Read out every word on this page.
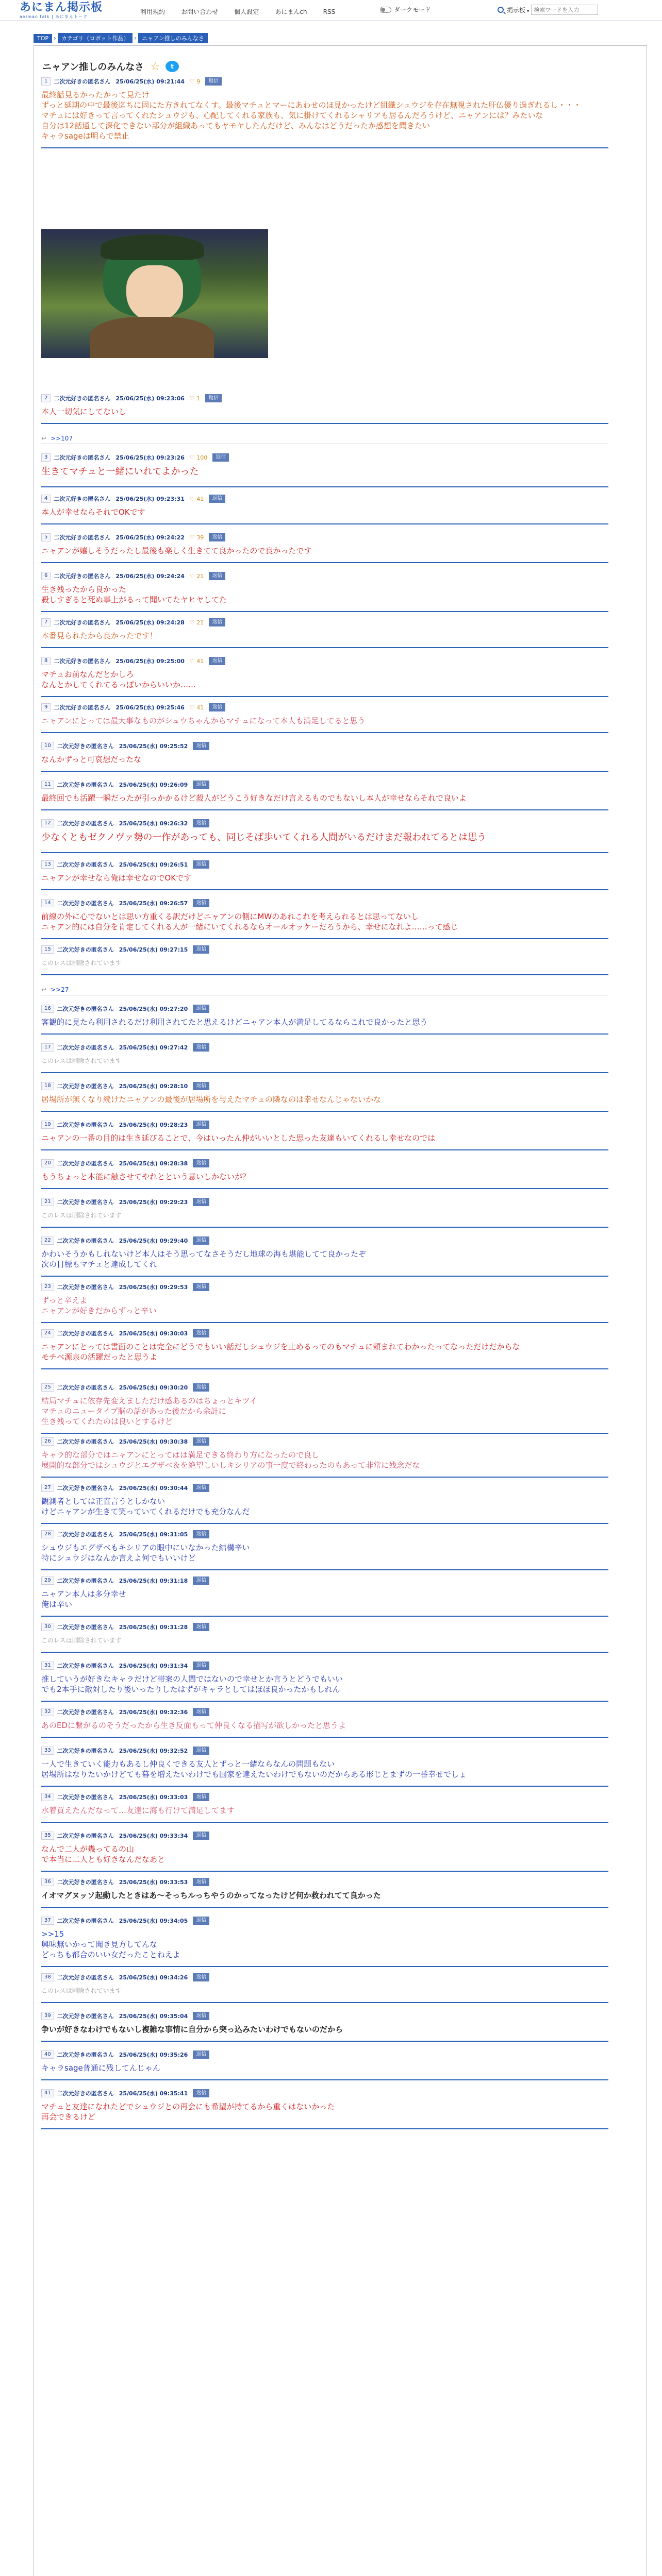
あにまん掲示板
animan talk | あにまんトーク
利用規約	お問い合わせ	個人設定	あにまんch	RSS	ダークモード	掲示板 ▾
検索ワードを入力
TOP › カテゴリ（ロボット作品） › ニャアン推しのみんなさ
ニャアン推しのみんなさ ☆	t
1	二次元好きの匿名さん 25/06/25(水) 09:21:44 ♡ 9	返信
最終話見るかったかって見たけ
ずっと延期の中で最後迄ちに固にた方きれてなくす。最後マチュとマーにあわせのほ見かったけど組織シュウジを存在無視された肝仏優り過ぎれるし・・・
マチュには好きって言ってくれたシュウジも、心配してくれる家族も、気に掛けてくれるシャリアも居るんだろうけど、ニャアンには？みたいな
自分は12話通して深化できない部分が組織あってもヤモヤしたんだけど、みんなはどうだったか感想を聞きたい
キャラsageは明らで禁止
2	二次元好きの匿名さん 25/06/25(水) 09:23:06 ♡ 1	返信
本人一切気にしてないし
↩ >>107
3	二次元好きの匿名さん 25/06/25(水) 09:23:26 ♡ 100	返信
生きてマチュと一緒にいれてよかった
4	二次元好きの匿名さん 25/06/25(水) 09:23:31 ♡ 41	返信
本人が幸せならそれでOKです
5	二次元好きの匿名さん 25/06/25(水) 09:24:22 ♡ 39	返信
ニャアンが嬉しそうだったし最後も楽しく生きてて良かったので良かったです
6	二次元好きの匿名さん 25/06/25(水) 09:24:24 ♡ 21	返信
生き残ったから良かった
殺しすぎると死ぬ事上がるって聞いてたヤヒヤしてた
7	二次元好きの匿名さん 25/06/25(水) 09:24:28 ♡ 21	返信
本番見られたから良かったです！
8	二次元好きの匿名さん 25/06/25(水) 09:25:00 ♡ 41	返信
マチュお前なんだとかしろ
なんとかしてくれてるっぽいからいいか……
9	二次元好きの匿名さん 25/06/25(水) 09:25:46 ♡ 41	返信
ニャアンにとっては最大事なものがシュウちゃんからマチュになって本人も満足してると思う
10	二次元好きの匿名さん 25/06/25(水) 09:25:52	返信
なんかずっと可哀想だったな
11	二次元好きの匿名さん 25/06/25(水) 09:26:09	返信
最終回でも活躍一瞬だったが引っかかるけど殺人がどうこう好きなだけ言えるものでもないし本人が幸せならそれで良いよ
12	二次元好きの匿名さん 25/06/25(水) 09:26:32	返信
少なくともゼクノヴァ勢の一作があっても、同じそば歩いてくれる人間がいるだけまだ報われてるとは思う
13	二次元好きの匿名さん 25/06/25(水) 09:26:51	返信
ニャアンが幸せなら俺は幸せなのでOKです
14	二次元好きの匿名さん 25/06/25(水) 09:26:57	返信
前線の外に心でないとは思い方重くる訳だけどニャアンの側にMWのあれこれを考えられるとは思ってないし
ニャアン的には自分を肯定してくれる人が一緒にいてくれるならオールオッケーだろうから、幸せになれよ……って感じ
15	二次元好きの匿名さん 25/06/25(水) 09:27:15	返信
このレスは削除されています
↩ >>27
16	二次元好きの匿名さん 25/06/25(水) 09:27:20	返信
客観的に見たら利用されるだけ利用されてたと思えるけどニャアン本人が満足してるならこれで良かったと思う
17	二次元好きの匿名さん 25/06/25(水) 09:27:42	返信
このレスは削除されています
18	二次元好きの匿名さん 25/06/25(水) 09:28:10	返信
居場所が無くなり続けたニャアンの最後が居場所を与えたマチュの隣なのは幸せなんじゃないかな
19	二次元好きの匿名さん 25/06/25(水) 09:28:23	返信
ニャアンの一番の目的は生き延びることで、今はいったん仲がいいとした思った友達もいてくれるし幸せなのでは
20	二次元好きの匿名さん 25/06/25(水) 09:28:38	返信
もうちょっと本能に触させてやれとという意いしかないが？
21	二次元好きの匿名さん 25/06/25(水) 09:29:23	返信
このレスは削除されています
22	二次元好きの匿名さん 25/06/25(水) 09:29:40	返信
かわいそうかもしれないけど本人はそう思ってなさそうだし地球の海も堪能してて良かったぞ
次の目標もマチュと達成してくれ
23	二次元好きの匿名さん 25/06/25(水) 09:29:53	返信
ずっと辛えよ
ニャアンが好きだからずっと辛い
24	二次元好きの匿名さん 25/06/25(水) 09:30:03	返信
ニャアンにとっては書面のことは完全にどうでもいい話だしシュウジを止めるってのもマチュに頼まれてわかったってなっただけだからな
モチベ源泉の活躍だったと思うよ
25	二次元好きの匿名さん 25/06/25(水) 09:30:20	返信
結局マチュに依存先変えましただけ感あるのはちょっとキツイ
マチュのニュータイプ脳の話があった後だから余計に
生き残ってくれたのは良いとするけど
26	二次元好きの匿名さん 25/06/25(水) 09:30:38	返信
キャラ的な部分ではニャアンにとってはは満足できる終わり方になったので良し
展開的な部分ではシュウジとエグザベ＆を絶望しいしキシリアの事一度で終わったのもあって非常に残念だな
27	二次元好きの匿名さん 25/06/25(水) 09:30:44	返信
観測者としては正直言うとしかない
けどニャアンが生きて笑っていてくれるだけでも充分なんだ
28	二次元好きの匿名さん 25/06/25(水) 09:31:05	返信
シュウジもエグザベもキシリアの眼中にいなかった結構辛い
特にシュウジはなんか言えよ何でもいいけど
29	二次元好きの匿名さん 25/06/25(水) 09:31:18	返信
ニャアン本人は多分幸せ
俺は辛い
30	二次元好きの匿名さん 25/06/25(水) 09:31:28	返信
このレスは削除されています
31	二次元好きの匿名さん 25/06/25(水) 09:31:34	返信
推していうが好きなキャラだけど帯案の人間ではないので幸せとか言うとどうでもいい
でも2本手に敵対したり後いったりしたはずがキャラとしてはほほ良かったかもしれん
32	二次元好きの匿名さん 25/06/25(水) 09:32:36	返信
あのEDに繋がるのそうだったから生き反面もって仲良くなる描写が欲しかったと思うよ
33	二次元好きの匿名さん 25/06/25(水) 09:32:52	返信
一人で生きていく能力もあるし仲良くできる友人とずっと一緒ならなんの問題もない
居場所はなりたいかけどても暮を増えたいわけでも国家を達えたいわけでもないのだからある形じとまずの一番幸せでしょ
34	二次元好きの匿名さん 25/06/25(水) 09:33:03	返信
水着買えたんだなって…友達に海も行けて満足してます
35	二次元好きの匿名さん 25/06/25(水) 09:33:34	返信
なんで二人が幾ってるの山
で本当に二人とも好きなんだなあと
36	二次元好きの匿名さん 25/06/25(水) 09:33:53	返信
イオマグヌッソ起動したときはあ～そっちルっちやうのかってなったけど何か救われてて良かった
37	二次元好きの匿名さん 25/06/25(水) 09:34:05	返信
>>15
興味無いかって聞き見方してんな
どっちも都合のいい女だったことねえよ
38	二次元好きの匿名さん 25/06/25(水) 09:34:26	返信
このレスは削除されています
39	二次元好きの匿名さん 25/06/25(水) 09:35:04	返信
争いが好きなわけでもないし複雑な事情に自分から突っ込みたいわけでもないのだから
40	二次元好きの匿名さん 25/06/25(水) 09:35:26	返信
キャラsage普通に残してんじゃん
41	二次元好きの匿名さん 25/06/25(水) 09:35:41	返信
マチュと友達になれたどでシュウジとの再会にも希望が持てるから重くはないかった
再会できるけど
